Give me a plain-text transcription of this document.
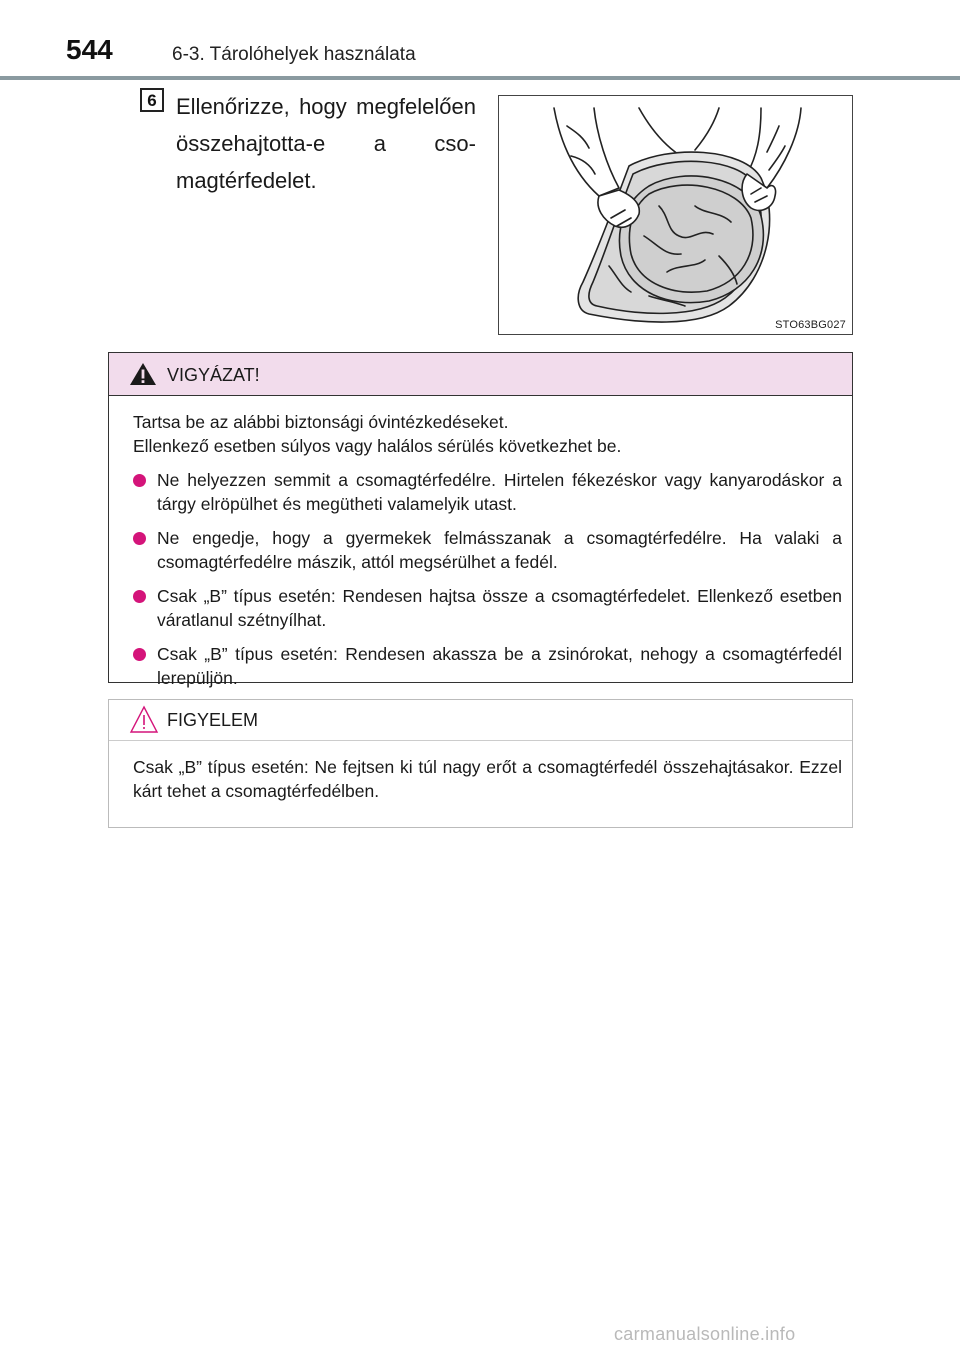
544	6-3. Tárolóhelyek használata
6 Ellenőrizze, hogy megfelelően összehajtotta-e a csomagtérfedelet.
STO63BG027
VIGYÁZAT!
Tartsa be az alábbi biztonsági óvintézkedéseket.
Ellenkező esetben súlyos vagy halálos sérülés következhet be.
Ne helyezzen semmit a csomagtérfedélre. Hirtelen fékezéskor vagy kanyarodáskor a tárgy elröpülhet és megütheti valamelyik utast.
Ne engedje, hogy a gyermekek felmásszanak a csomagtérfedélre. Ha valaki a csomagtérfedélre mászik, attól megsérülhet a fedél.
Csak „B” típus esetén: Rendesen hajtsa össze a csomagtérfedelet. Ellenkező esetben váratlanul szétnyílhat.
Csak „B” típus esetén: Rendesen akassza be a zsinórokat, nehogy a csomagtérfedél lerepüljön.
FIGYELEM
Csak „B” típus esetén: Ne fejtsen ki túl nagy erőt a csomagtérfedél összehajtásakor. Ezzel kárt tehet a csomagtérfedélben.
carmanualsonline.info
